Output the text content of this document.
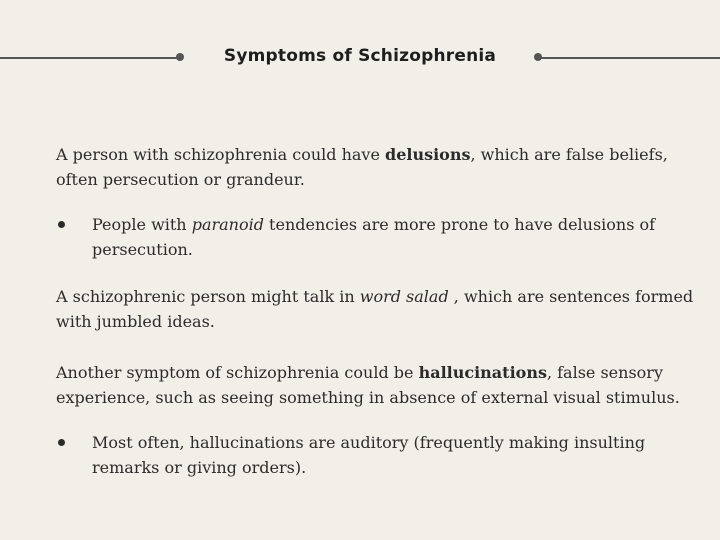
Symptoms of Schizophrenia

A person with schizophrenia could have delusions, which are false beliefs, often persecution or grandeur.

People with paranoid tendencies are more prone to have delusions of persecution.

A schizophrenic person might talk in word salad , which are sentences formed with jumbled ideas.

Another symptom of schizophrenia could be hallucinations, false sensory experience, such as seeing something in absence of external visual stimulus.

Most often, hallucinations are auditory (frequently making insulting remarks or giving orders).
